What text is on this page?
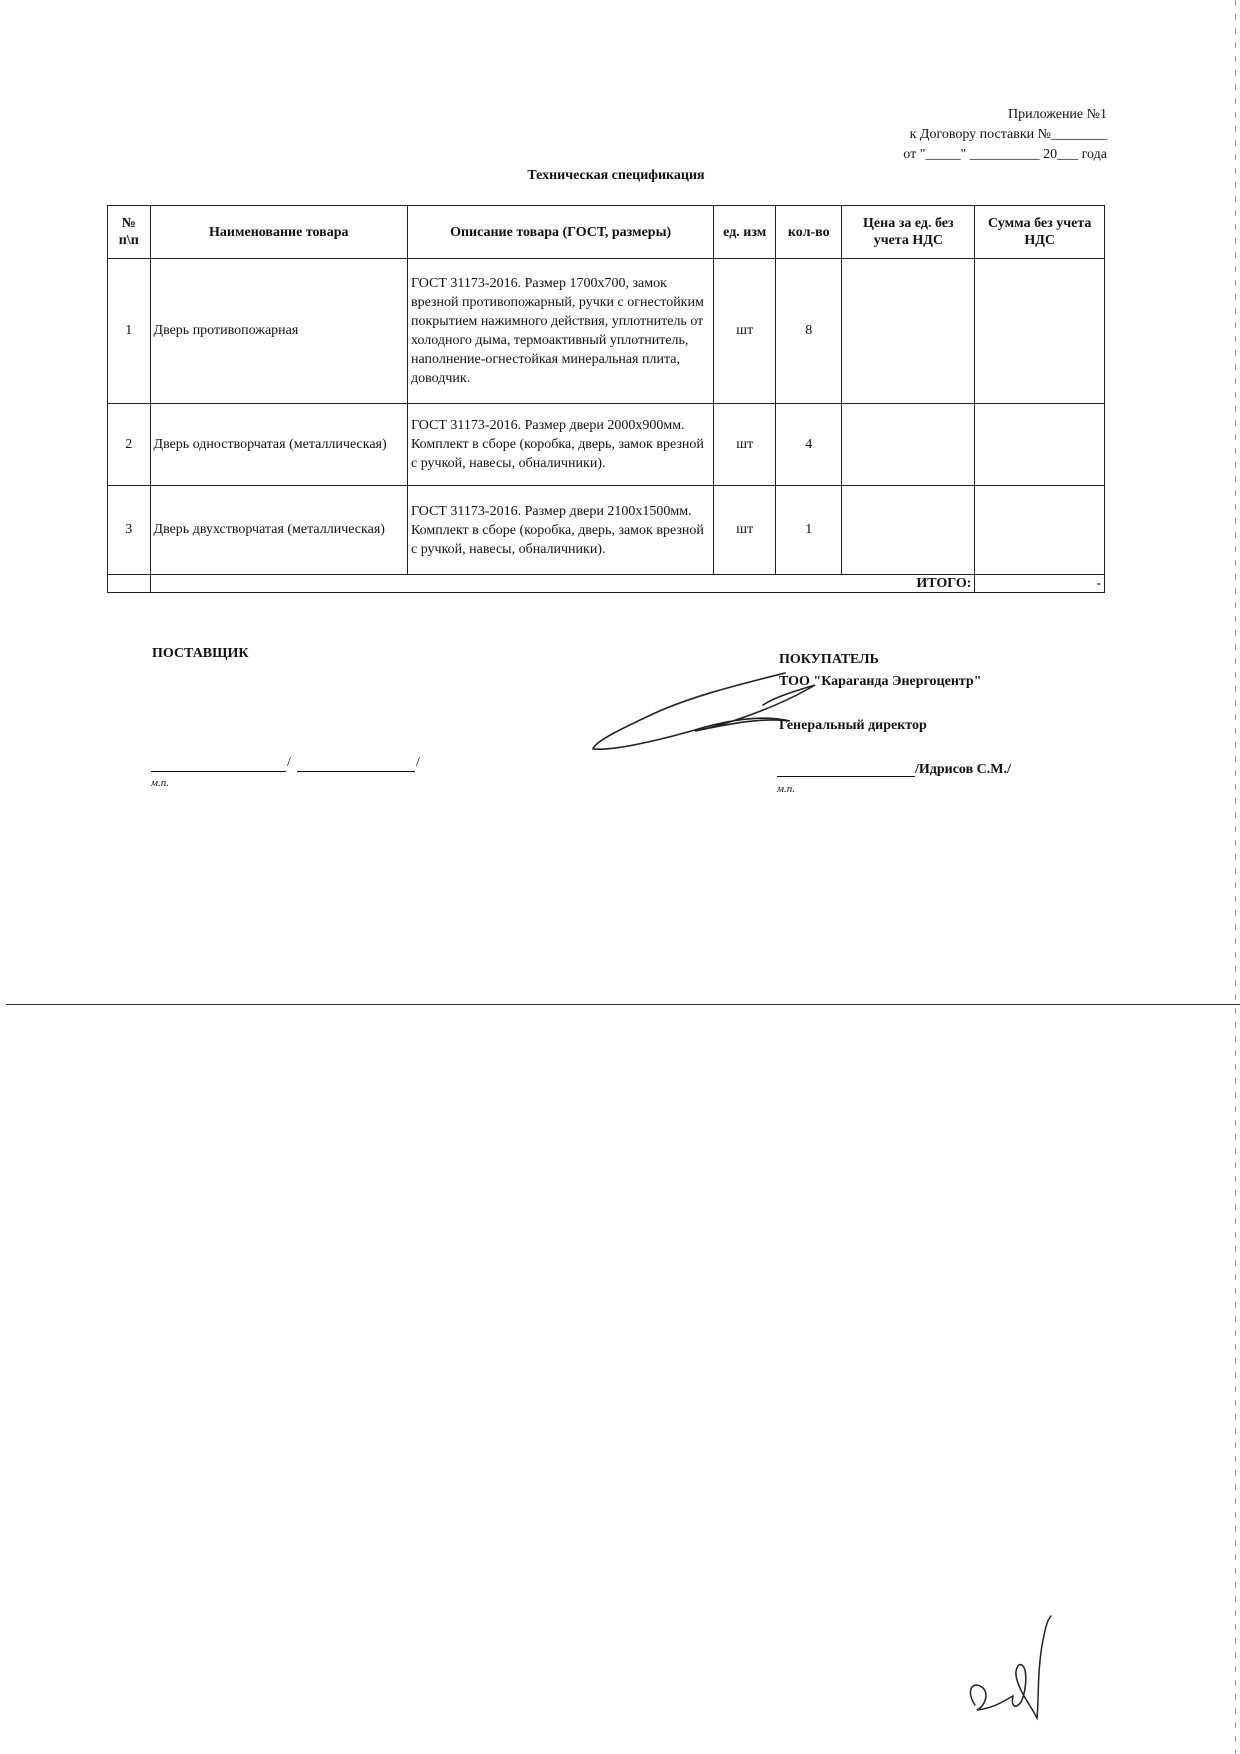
Приложение №1
к Договору поставки №________
от "_____" __________ 20___ года
Техническая спецификация
№ п\п	Наименование товара	Описание товара (ГОСТ, размеры)	ед. изм	кол-во	Цена за ед. без учета НДС	Сумма без учета НДС
1	Дверь противопожарная	ГОСТ 31173-2016. Размер 1700х700, замок врезной противопожарный, ручки с огнестойким покрытием нажимного действия, уплотнитель от холодного дыма, термоактивный уплотнитель, наполнение-огнестойкая минеральная плита, доводчик.	шт	8		
2	Дверь одностворчатая (металлическая)	ГОСТ 31173-2016. Размер двери 2000х900мм. Комплект в сборе (коробка, дверь, замок врезной с ручкой, навесы, обналичники).	шт	4		
3	Дверь двухстворчатая (металлическая)	ГОСТ 31173-2016. Размер двери 2100х1500мм. Комплект в сборе (коробка, дверь, замок врезной с ручкой, навесы, обналичники).	шт	1		
	ИТОГО:					-
ПОСТАВЩИК
/	/
м.п.
ПОКУПАТЕЛЬ
ТОО "Караганда Энергоцентр"
Генеральный директор
/Идрисов С.М./
м.п.
